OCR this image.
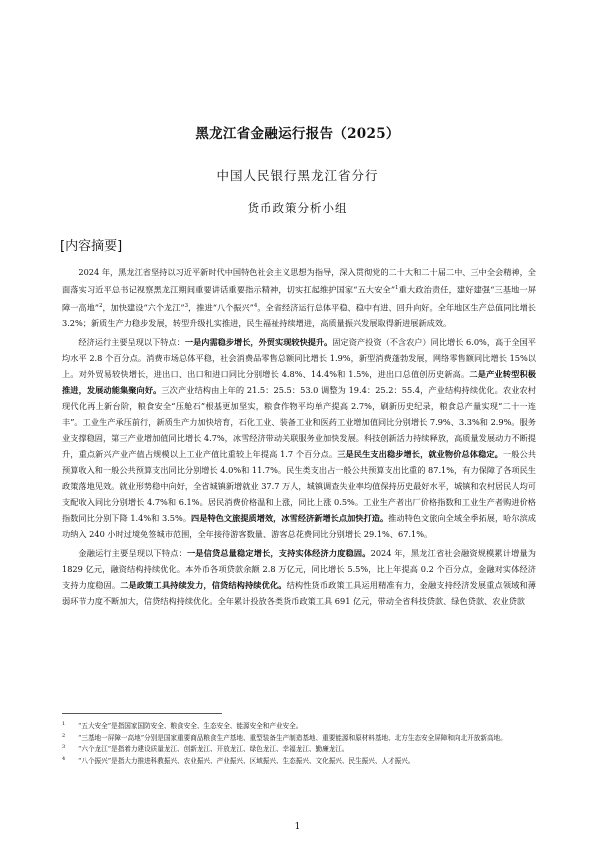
黑龙江省金融运行报告（2025）
中国人民银行黑龙江省分行
货币政策分析小组
[内容摘要]

2024 年，黑龙江省坚持以习近平新时代中国特色社会主义思想为指导，深入贯彻党的二十大和二十届二中、三中全会精神，全面落实习近平总书记视察黑龙江期间重要讲话重要指示精神，切实扛起维护国家“五大安全”$^1$重大政治责任，建好建强“三基地一屏障一高地”$^2$，加快建设“六个龙江”$^3$，推进“八个振兴”$^4$。全省经济运行总体平稳、稳中有进、回升向好。全年地区生产总值同比增长 3.2%；新质生产力稳步发展，转型升级扎实推进，民生福祉持续增进，高质量振兴发展取得新进展新成效。

经济运行主要呈现以下特点：一是内需稳步增长，外贸实现较快提升。固定资产投资（不含农户）同比增长 6.0%，高于全国平均水平 2.8 个百分点。消费市场总体平稳，社会消费品零售总额同比增长 1.9%，新型消费蓬勃发展，网络零售额同比增长 15%以上。对外贸易较快增长，进出口、出口和进口同比分别增长 4.8%、14.4%和 1.5%，进出口总值创历史新高。二是产业转型积极推进，发展动能集聚向好。三次产业结构由上年的 21.5：25.5：53.0 调整为 19.4：25.2：55.4，产业结构持续优化。农业农村现代化再上新台阶，粮食安全“压舱石”根基更加坚实，粮食作物平均单产提高 2.7%，刷新历史纪录，粮食总产量实现“二十一连丰”。工业生产承压前行，新质生产力加快培育，石化工业、装备工业和医药工业增加值同比分别增长 7.9%、3.3%和 2.9%。服务业支撑稳固，第三产业增加值同比增长 4.7%，冰雪经济带动关联服务业加快发展。科技创新活力持续释放，高质量发展动力不断提升，重点新兴产业产值占规模以上工业产值比重较上年提高 1.7 个百分点。三是民生支出稳步增长，就业物价总体稳定。一般公共预算收入和一般公共预算支出同比分别增长 4.0%和 11.7%。民生类支出占一般公共预算支出比重的 87.1%，有力保障了各项民生政策落地见效。就业形势稳中向好，全省城镇新增就业 37.7 万人，城镇调查失业率均值保持历史最好水平，城镇和农村居民人均可支配收入同比分别增长 4.7%和 6.1%。居民消费价格温和上涨，同比上涨 0.5%。工业生产者出厂价格指数和工业生产者购进价格指数同比分别下降 1.4%和 3.5%。四是特色文旅提质增效，冰雪经济新增长点加快打造。推动特色文旅向全域全季拓展，哈尔滨成功纳入 240 小时过境免签城市范围，全年接待游客数量、游客总花费同比分别增长 29.1%、67.1%。

金融运行主要呈现以下特点：一是信贷总量稳定增长，支持实体经济力度稳固。2024 年，黑龙江省社会融资规模累计增量为 1829 亿元，融资结构持续优化。本外币各项贷款余额 2.8 万亿元，同比增长 5.5%，比上年提高 0.2 个百分点，金融对实体经济支持力度稳固。二是政策工具持续发力，信贷结构持续优化。结构性货币政策工具运用精准有力，金融支持经济发展重点领域和薄弱环节力度不断加大，信贷结构持续优化。全年累计投放各类货币政策工具 691 亿元，带动全省科技贷款、绿色贷款、农业贷款

1 “五大安全”是指国家国防安全、粮食安全、生态安全、能源安全和产业安全。

2 “三基地一屏障一高地”分别是国家重要商品粮食生产基地、重型装备生产制造基地、重要能源和原材料基地、北方生态安全屏障和向北开放新高地。

3 “六个龙江”是指着力建设质量龙江、创新龙江、开放龙江、绿色龙江、幸福龙江、勤廉龙江。

4 “八个振兴”是指大力推进科教振兴、农业振兴、产业振兴、区域振兴、生态振兴、文化振兴、民生振兴、人才振兴。

1
